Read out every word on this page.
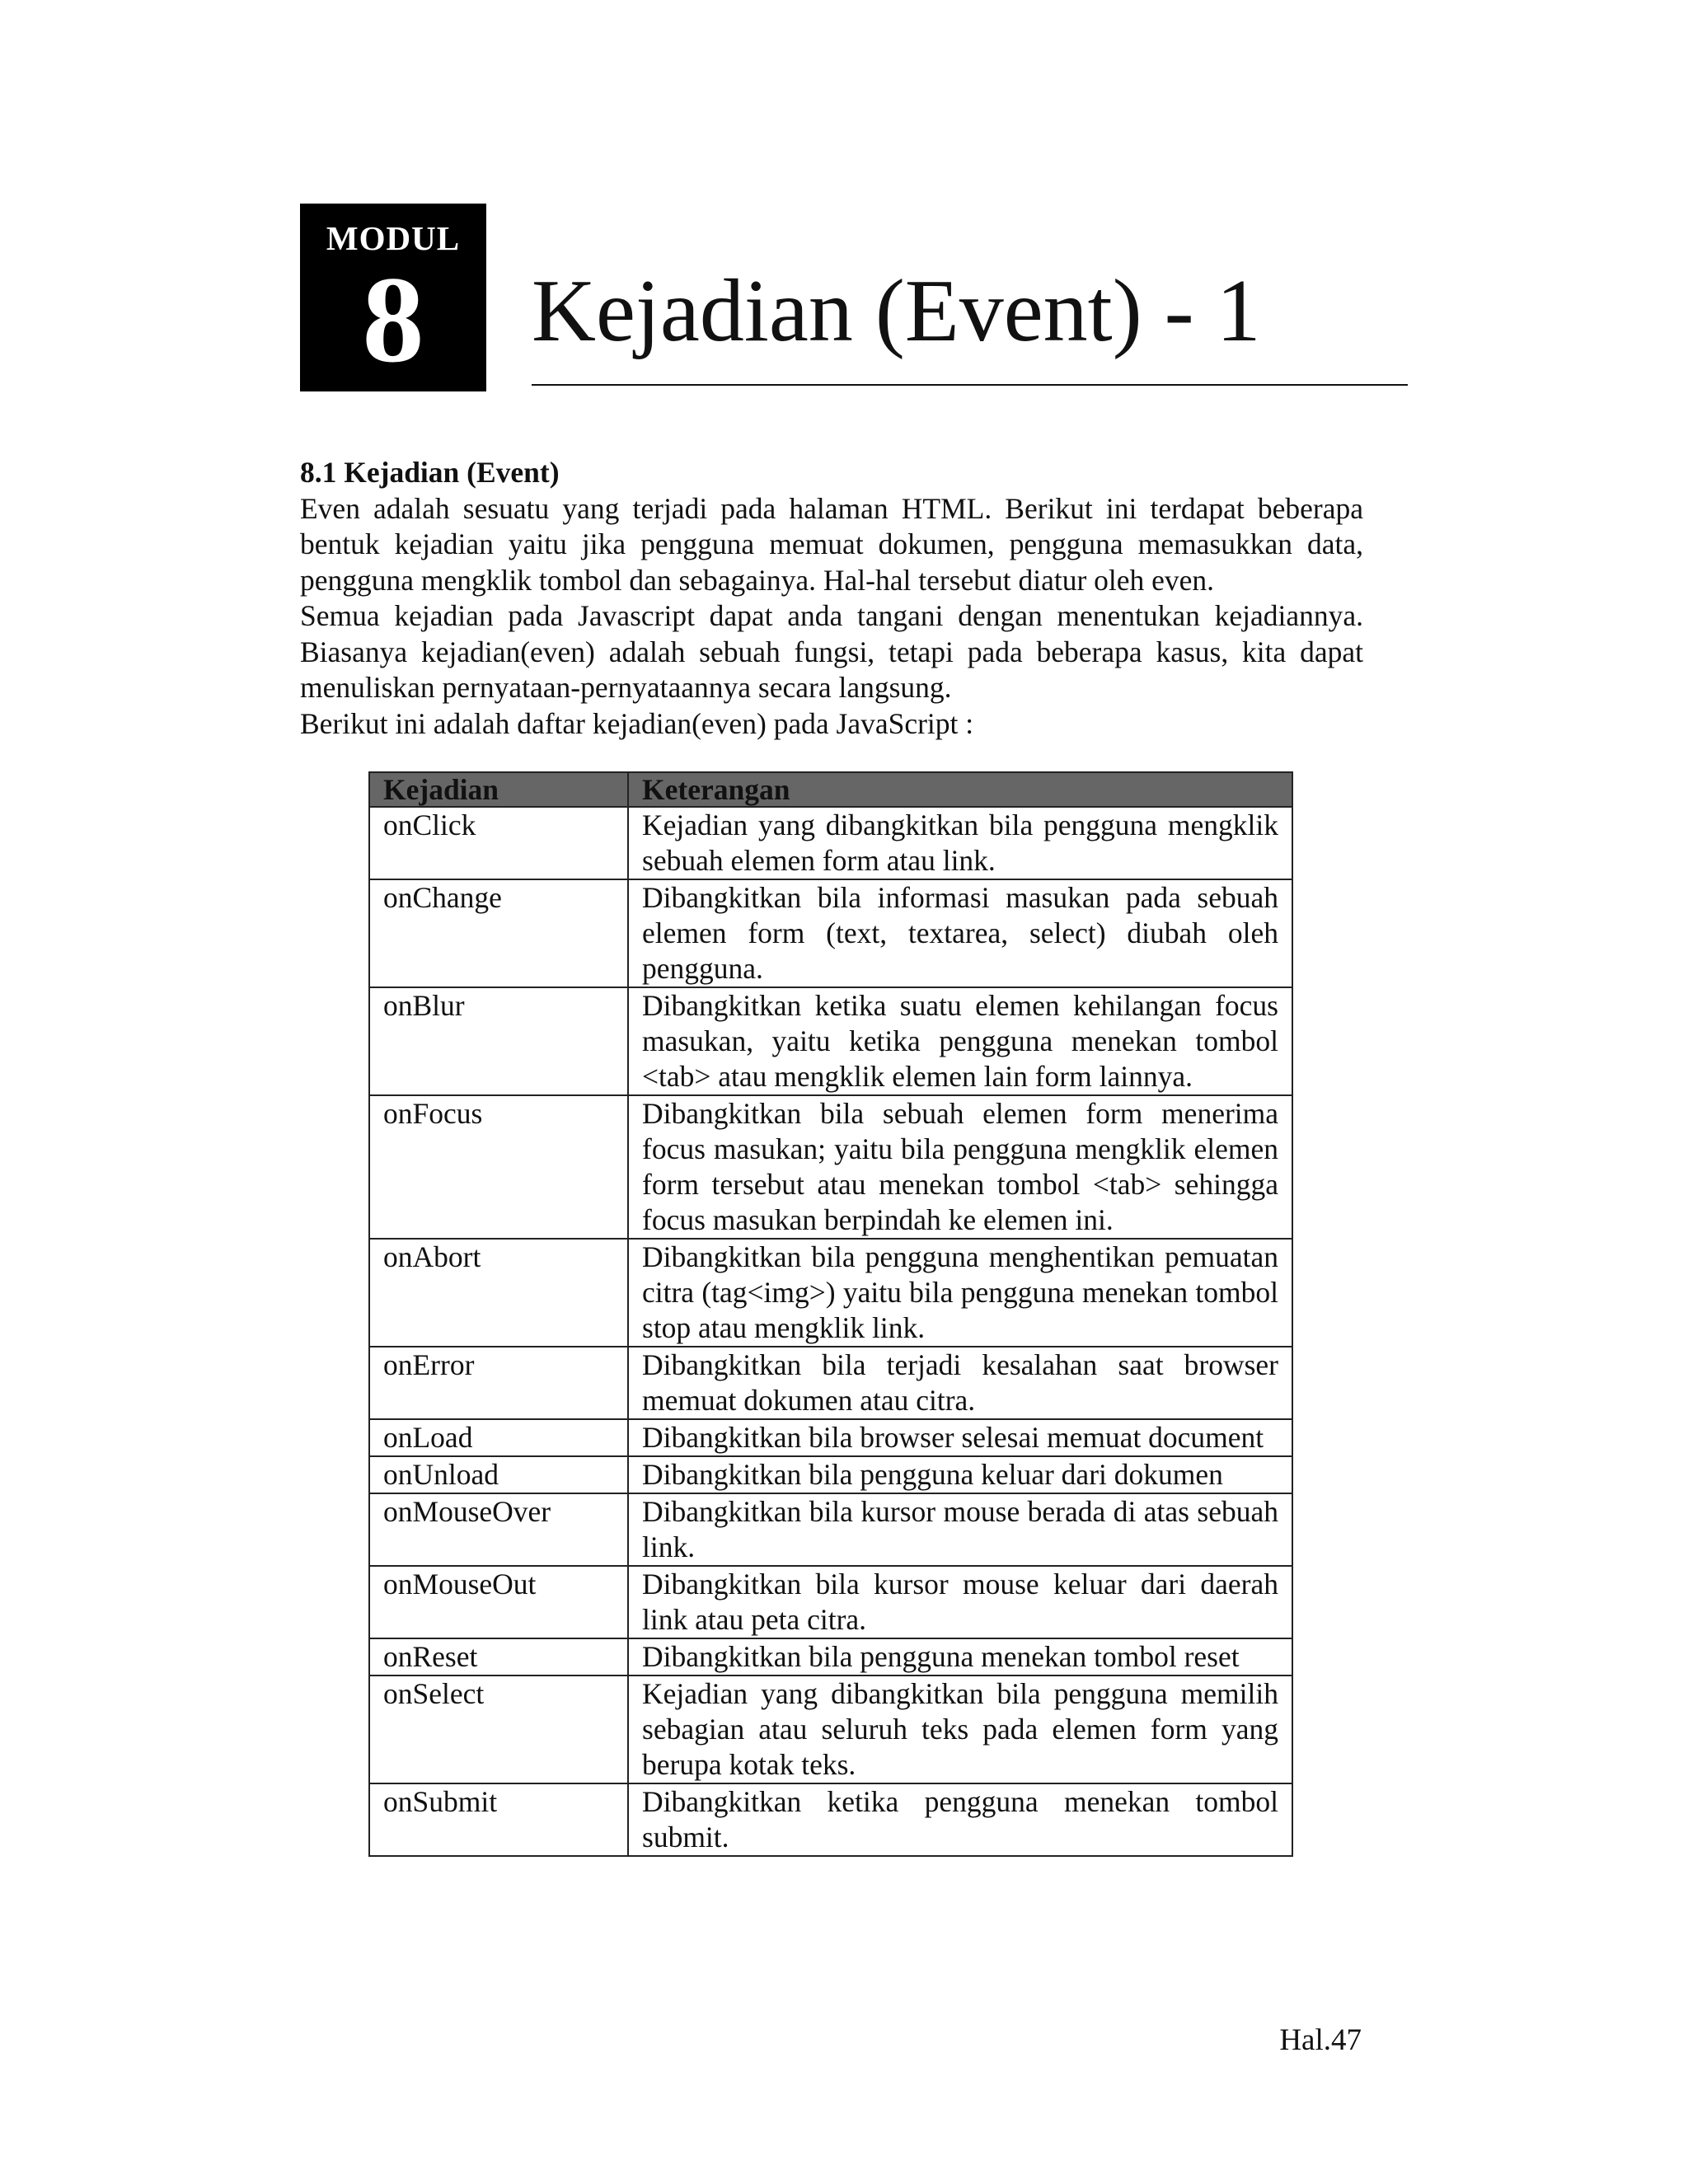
MODUL
8	Kejadian (Event) - 1

8.1 Kejadian (Event)

Even adalah sesuatu yang terjadi pada halaman HTML. Berikut ini terdapat beberapa bentuk kejadian yaitu jika pengguna memuat dokumen, pengguna memasukkan data, pengguna mengklik tombol dan sebagainya. Hal-hal tersebut diatur oleh even.

Semua kejadian pada Javascript dapat anda tangani dengan menentukan kejadiannya. Biasanya kejadian(even) adalah sebuah fungsi, tetapi pada beberapa kasus, kita dapat menuliskan pernyataan-pernyataannya secara langsung.

Berikut ini adalah daftar kejadian(even) pada JavaScript :

Kejadian	Keterangan
onClick	Kejadian yang dibangkitkan bila pengguna mengklik sebuah elemen form atau link.
onChange	Dibangkitkan bila informasi masukan pada sebuah elemen form (text, textarea, select) diubah oleh pengguna.
onBlur	Dibangkitkan ketika suatu elemen kehilangan focus masukan, yaitu ketika pengguna menekan tombol <tab> atau mengklik elemen lain form lainnya.
onFocus	Dibangkitkan bila sebuah elemen form menerima focus masukan; yaitu bila pengguna mengklik elemen form tersebut atau menekan tombol <tab> sehingga focus masukan berpindah ke elemen ini.
onAbort	Dibangkitkan bila pengguna menghentikan pemuatan citra (tag<img>) yaitu bila pengguna menekan tombol stop atau mengklik link.
onError	Dibangkitkan bila terjadi kesalahan saat browser memuat dokumen atau citra.
onLoad	Dibangkitkan bila browser selesai memuat document
onUnload	Dibangkitkan bila pengguna keluar dari dokumen
onMouseOver	Dibangkitkan bila kursor mouse berada di atas sebuah link.
onMouseOut	Dibangkitkan bila kursor mouse keluar dari daerah link atau peta citra.
onReset	Dibangkitkan bila pengguna menekan tombol reset
onSelect	Kejadian yang dibangkitkan bila pengguna memilih sebagian atau seluruh teks pada elemen form yang berupa kotak teks.
onSubmit	Dibangkitkan ketika pengguna menekan tombol submit.
Hal.47
